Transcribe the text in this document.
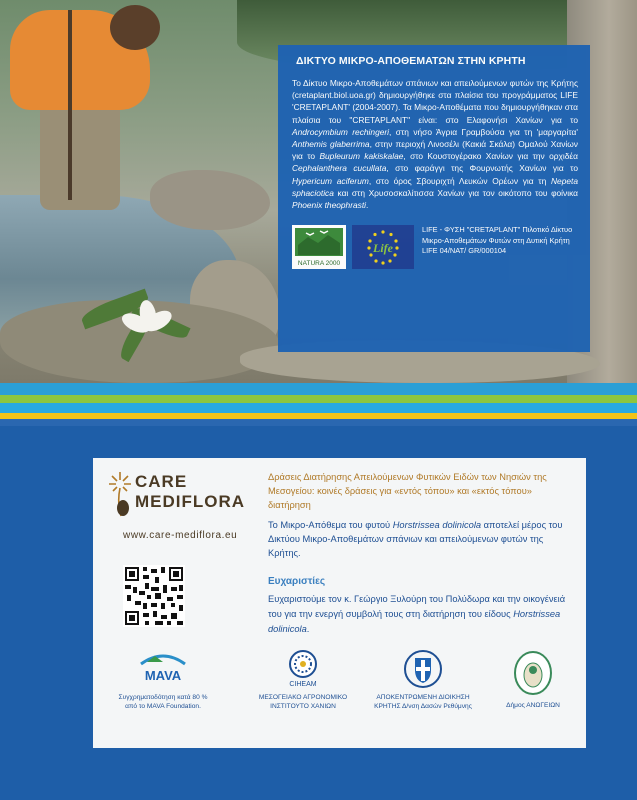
ΔΙΚΤΥΟ ΜΙΚΡΟ-ΑΠΟΘΕΜΑΤΩΝ ΣΤΗΝ ΚΡΗΤΗ
Το Δίκτυο Μικρο-Αποθεμάτων σπάνιων και απειλούμενων φυτών της Κρήτης (cretaplant.biol.uoa.gr) δημιουργήθηκε στα πλαίσια του προγράμματος LIFE 'CRETAPLANT' (2004-2007). Τα Μικρο-Αποθέματα που δημιουργήθηκαν στα πλαίσια του "CRETAPLANT" είναι: στο Ελαφονήσι Χανίων για το Androcymbium rechingeri, στη νήσο Άγρια Γραμβούσα για τη 'μαργαρίτα' Anthemis glaberrima, στην περιοχή Λινοσέλι (Κακιά Σκάλα) Ομαλού Χανίων για το Bupleurum kakiskalae, στο Κουστογέρακο Χανίων για την ορχιδέα Cephalanthera cucullata, στο φαράγγι της Φουρνωτής Χανίων για το Hypericum aciferum, στο όρος Σβουριχτή Λευκών Ορέων για τη Nepeta sphaciotica και στη Χρυσοσκαλίτισσα Χανίων για τον οικότοπο του φοίνικα Phoenix theophrasti.
NATURA 2000
Life
LIFE - ΦΥΣΗ "CRETAPLANT" Πιλοτικό Δίκτυο Μικρο-Αποθεμάτων Φυτών στη Δυτική Κρήτη LIFE 04/NAT/ GR/000104
CARE
MEDIFLORA
www.care-mediflora.eu
Δράσεις Διατήρησης Απειλούμενων Φυτικών Ειδών των Νησιών της Μεσογείου: κοινές δράσεις για «εντός τόπου» και «εκτός τόπου» διατήρηση
Το Μικρο-Απόθεμα του φυτού Horstrissea dolinicola αποτελεί μέρος του Δικτύου Μικρο-Αποθεμάτων σπάνιων και απειλούμενων φυτών της Κρήτης.
Ευχαριστίες
Ευχαριστούμε τον κ. Γεώργιο Ξυλούρη του Πολύδωρα και την οικογένειά του για την ενεργή συμβολή τους στη διατήρηση του είδους Horstrissea dolinicola.
MAVA
Συγχρηματοδότηση κατά 80 % από το MAVA Foundation.
CIHEAM
ΜΕΣΟΓΕΙΑΚΟ ΑΓΡΟΝΟΜΙΚΟ ΙΝΣΤΙΤΟΥΤΟ ΧΑΝΙΩΝ
ΑΠΟΚΕΝΤΡΩΜΕΝΗ ΔΙΟΙΚΗΣΗ ΚΡΗΤΗΣ Δ/νση Δασών Ρεθύμνης	Δήμος ΑΝΩΓΕΙΩΝ
